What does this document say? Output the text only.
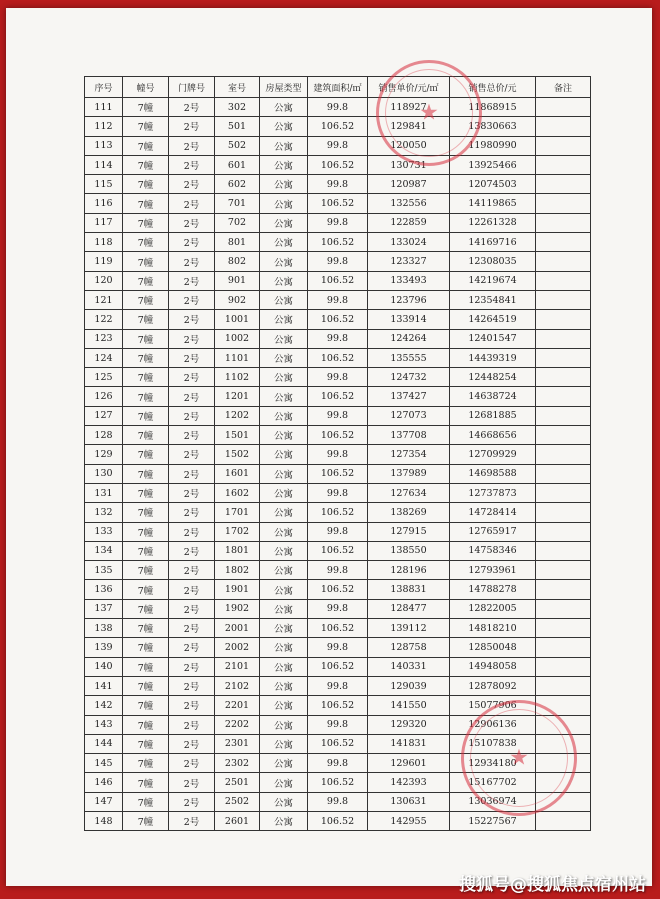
序号	幢号	门牌号	室号	房屋类型	建筑面积/㎡	销售单价/元/㎡	销售总价/元	备注
111	7幢	2号	302	公寓	99.8	118927	11868915	
112	7幢	2号	501	公寓	106.52	129841	13830663	
113	7幢	2号	502	公寓	99.8	120050	11980990	
114	7幢	2号	601	公寓	106.52	130731	13925466	
115	7幢	2号	602	公寓	99.8	120987	12074503	
116	7幢	2号	701	公寓	106.52	132556	14119865	
117	7幢	2号	702	公寓	99.8	122859	12261328	
118	7幢	2号	801	公寓	106.52	133024	14169716	
119	7幢	2号	802	公寓	99.8	123327	12308035	
120	7幢	2号	901	公寓	106.52	133493	14219674	
121	7幢	2号	902	公寓	99.8	123796	12354841	
122	7幢	2号	1001	公寓	106.52	133914	14264519	
123	7幢	2号	1002	公寓	99.8	124264	12401547	
124	7幢	2号	1101	公寓	106.52	135555	14439319	
125	7幢	2号	1102	公寓	99.8	124732	12448254	
126	7幢	2号	1201	公寓	106.52	137427	14638724	
127	7幢	2号	1202	公寓	99.8	127073	12681885	
128	7幢	2号	1501	公寓	106.52	137708	14668656	
129	7幢	2号	1502	公寓	99.8	127354	12709929	
130	7幢	2号	1601	公寓	106.52	137989	14698588	
131	7幢	2号	1602	公寓	99.8	127634	12737873	
132	7幢	2号	1701	公寓	106.52	138269	14728414	
133	7幢	2号	1702	公寓	99.8	127915	12765917	
134	7幢	2号	1801	公寓	106.52	138550	14758346	
135	7幢	2号	1802	公寓	99.8	128196	12793961	
136	7幢	2号	1901	公寓	106.52	138831	14788278	
137	7幢	2号	1902	公寓	99.8	128477	12822005	
138	7幢	2号	2001	公寓	106.52	139112	14818210	
139	7幢	2号	2002	公寓	99.8	128758	12850048	
140	7幢	2号	2101	公寓	106.52	140331	14948058	
141	7幢	2号	2102	公寓	99.8	129039	12878092	
142	7幢	2号	2201	公寓	106.52	141550	15077906	
143	7幢	2号	2202	公寓	99.8	129320	12906136	
144	7幢	2号	2301	公寓	106.52	141831	15107838	
145	7幢	2号	2302	公寓	99.8	129601	12934180	
146	7幢	2号	2501	公寓	106.52	142393	15167702	
147	7幢	2号	2502	公寓	99.8	130631	13036974	
148	7幢	2号	2601	公寓	106.52	142955	15227567	
★
★
搜狐号@搜狐焦点宿州站
